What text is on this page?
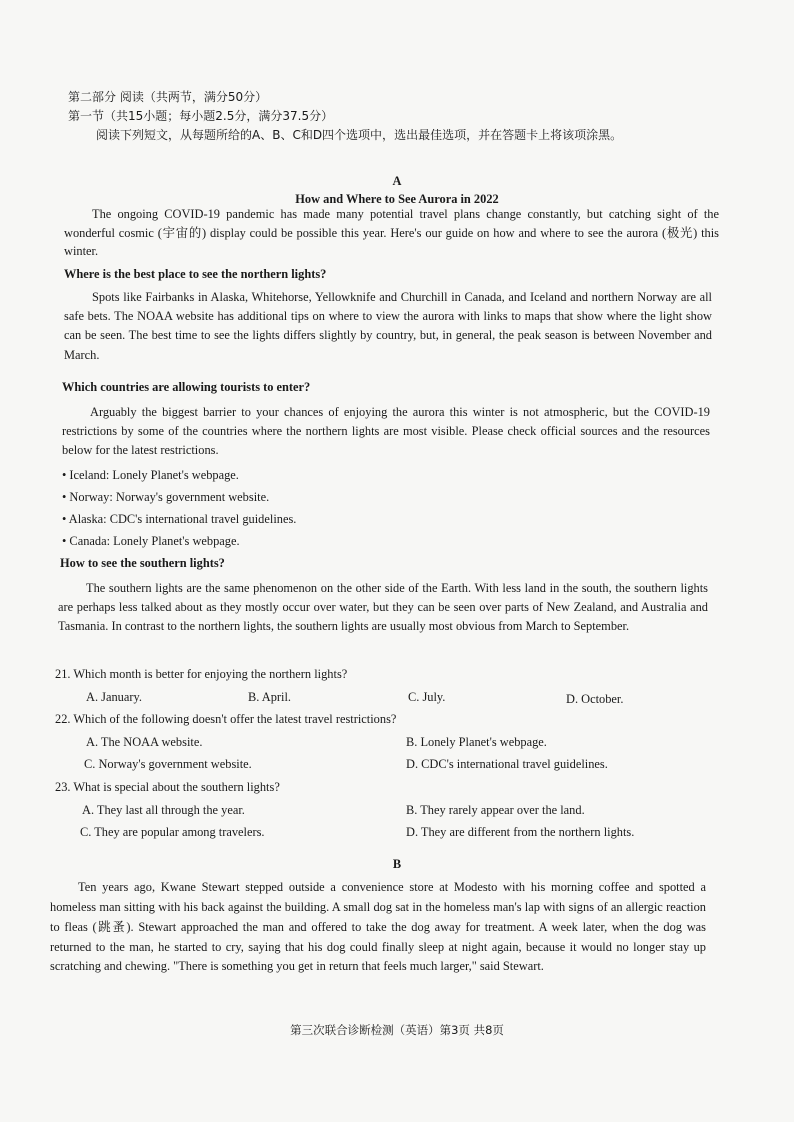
第二部分 阅读（共两节，满分50分）
第一节（共15小题；每小题2.5分，满分37.5分）
阅读下列短文，从每题所给的A、B、C和D四个选项中，选出最佳选项，并在答题卡上将该项涂黑。
A
How and Where to See Aurora in 2022
The ongoing COVID-19 pandemic has made many potential travel plans change constantly, but catching sight of the wonderful cosmic (宇宙的) display could be possible this year. Here's our guide on how and where to see the aurora (极光) this winter.
Where is the best place to see the northern lights?
Spots like Fairbanks in Alaska, Whitehorse, Yellowknife and Churchill in Canada, and Iceland and northern Norway are all safe bets. The NOAA website has additional tips on where to view the aurora with links to maps that show where the light show can be seen. The best time to see the lights differs slightly by country, but, in general, the peak season is between November and March.
Which countries are allowing tourists to enter?
Arguably the biggest barrier to your chances of enjoying the aurora this winter is not atmospheric, but the COVID-19 restrictions by some of the countries where the northern lights are most visible. Please check official sources and the resources below for the latest restrictions.
• Iceland: Lonely Planet's webpage.
• Norway: Norway's government website.
• Alaska: CDC's international travel guidelines.
• Canada: Lonely Planet's webpage.
How to see the southern lights?
The southern lights are the same phenomenon on the other side of the Earth. With less land in the south, the southern lights are perhaps less talked about as they mostly occur over water, but they can be seen over parts of New Zealand, and Australia and Tasmania. In contrast to the northern lights, the southern lights are usually most obvious from March to September.
21. Which month is better for enjoying the northern lights?
A. January.	B. April.	C. July.	D. October.
22. Which of the following doesn't offer the latest travel restrictions?
A. The NOAA website.	B. Lonely Planet's webpage.
C. Norway's government website.	D. CDC's international travel guidelines.
23. What is special about the southern lights?
A. They last all through the year.	B. They rarely appear over the land.
C. They are popular among travelers.	D. They are different from the northern lights.
B
Ten years ago, Kwane Stewart stepped outside a convenience store at Modesto with his morning coffee and spotted a homeless man sitting with his back against the building. A small dog sat in the homeless man's lap with signs of an allergic reaction to fleas (跳蚤). Stewart approached the man and offered to take the dog away for treatment. A week later, when the dog was returned to the man, he started to cry, saying that his dog could finally sleep at night again, because it would no longer stay up scratching and chewing. "There is something you get in return that feels much larger," said Stewart.
第三次联合诊断检测（英语）第3页 共8页
